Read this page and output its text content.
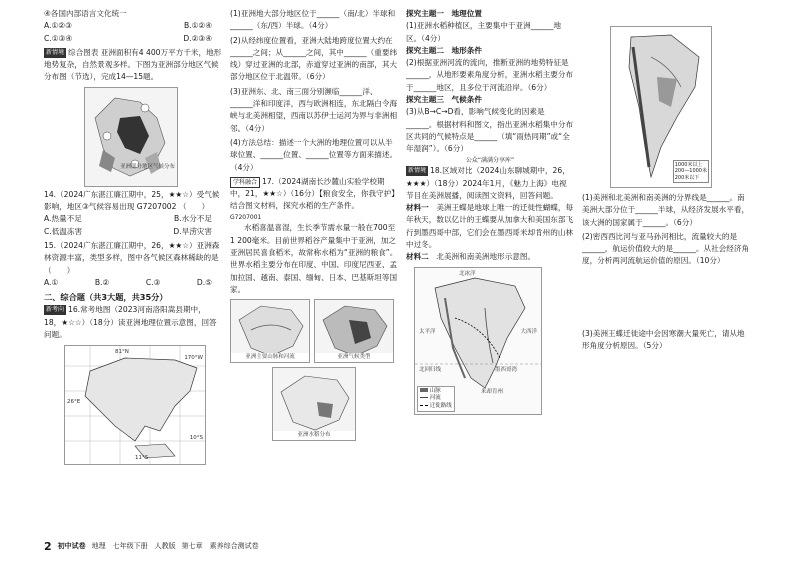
④各国内部语言文化统一

A.①②③	B.①②④
C.①③④	D.②③④

新情境 综合图表 亚洲面积有4 400万平方千米，地形地势复杂，自然景观多样。下图为亚洲部分地区气候分布图（节选），完成14—15题。

亚洲部分地区气候分布

14.（2024广东湛江廉江期中，25，★★☆）受气候影响，地区③气候容易出现 G7207002 （　　）

A.热量不足	B.水分不足
C.低温冻害	D.旱涝灾害

15.（2024广东湛江廉江期中，26，★★☆）亚洲森林资源丰富，类型多样，图中各气候区森林稀缺的是 （　　）

A.①	B.②	C.③	D.⑤

二、综合题（共3大题，共35分）

新考向 16.常考地图（2023河南洛阳嵩县期中，18，★☆☆）（18分）读亚洲地理位置示意图，回答问题。

81°N
170°W
10°S
26°E
11°S

(1)亚洲地大部分地区位于______（南/北）半球和______（东/西）半球。（4分）

(2)从经纬度位置看，亚洲大陆地跨度位置大约在______之间；从______之间，其中______（重要纬线）穿过亚洲的北部，赤道穿过亚洲的南部，其大部分地区位于北温带。（6分）

(3)亚洲东、北、南三面分别濒临______洋、______洋和印度洋，西与欧洲相连，东北隔白令海峡与北美洲相望，西南以苏伊士运河为界与非洲相邻。（4分）

(4)方法总结：描述一个大洲的地理位置可以从半球位置、______位置、______位置等方面来描述。（4分）

学科融合 17.（2024湖南长沙麓山实验学校期中，21，★★☆）（16分）【粮食安全，你我守护】结合图文材料，探究水稻的生产条件。

G7207001

水稻喜温喜湿，生长季节需水量一般在700至1 200毫米。目前世界稻谷产量集中于亚洲，加之亚洲居民喜食稻米，故常称水稻为“亚洲的粮食”。世界水稻主要分布在印度、中国、印度尼西亚、孟加拉国、越南、泰国、缅甸、日本、巴基斯坦等国家。

亚洲主要山脉和河流	亚洲气候类型
亚洲水稻分布

探究主题一　地理位置

(1)亚洲水稻种植区，主要集中于亚洲______地区。（4分）

探究主题二　地形条件

(2)根据亚洲河流的流向，推断亚洲的地势特征是______，从地形要素角度分析，亚洲水稻主要分布于______地区，且多位于河流沿岸。（6分）

探究主题三　气候条件

(3)从B→C→D看，影响气候变化的因素是______。根据材料和图文，指出亚洲水稻集中分布区共同的气候特点是______（填“雨热同期”或“全年湿润”）。（6分）

公众“满满分享库”

新情境 18.区域对比（2024山东聊城期中，26，★★★）（18分）2024年1月，《魅力上海》电视节目在美洲展播，阅读图文资料，回答问题。

材料一　 美洲王蝶是地球上唯一的迁徙性蝴蝶，每年秋天，数以亿计的王蝶要从加拿大和美国东部飞行到墨西哥中部，它们会在墨西哥米却肯州的山林中过冬。

材料二　 北美洲和南美洲地形示意图。

北冰洋
大西洋
太平洋
墨西哥湾
北回归线
米却肯州
山脉
河流
迁徙路线
1000米以上
200—1000米
200米以下

(1)美洲和北美洲和南美洲的分界线是______。南美洲大部分位于______半球，从经济发展水平看，该大洲的国家属于______。（6分）

(2)密西西比河与亚马孙河相比，流量较大的是______，航运价值较大的是______。从社会经济角度，分析两河流航运价值的原因。（10分）

(3)美洲王蝶迁徙途中会因寒潮大量死亡，请从地形角度分析原因。（5分）

2 初中试卷 地理　七年级下册　人教版 第七章　素养综合测试卷
